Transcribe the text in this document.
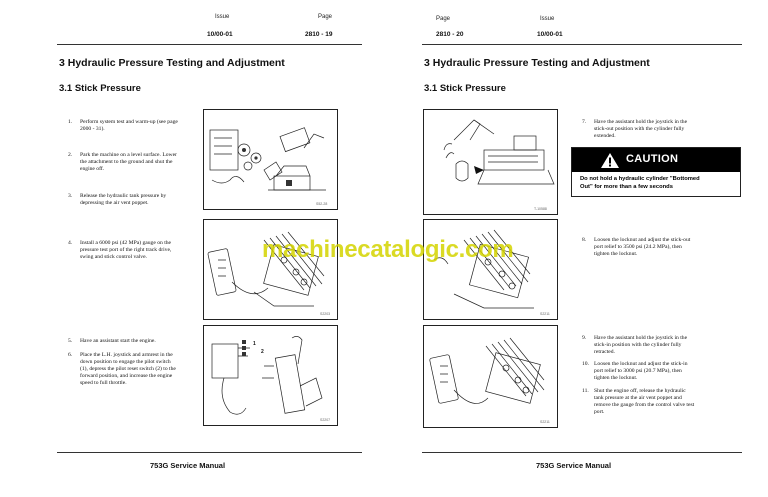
Issue
10/00-01
Page
2810 - 19
3 Hydraulic Pressure Testing and Adjustment
3.1 Stick Pressure
1. Perform system test and warm-up (see page
2000 - 31).
2. Park the machine on a level surface. Lower
the attachment to the ground and shut the
engine off.
3. Release the hydraulic tank pressure by
depressing the air vent poppet.
4. Install a 6000 psi (42 MPa) gauge on the
pressure test port of the right track drive,
swing and stick control valve.
5. Have an assistant start the engine.
6. Place the L.H. joystick and armrest in the
down position to engage the pilot switch
(1), depress the pilot reset switch (2) to the
forward position, and increase the engine
speed to full throttle.
S52-28
S2203
1
2
S2207
753G Service Manual
Page
2810 - 20
Issue
10/00-01
3 Hydraulic Pressure Testing and Adjustment
3.1 Stick Pressure
T-10588
7. Have the assistant hold the joystick in the
stick-out position with the cylinder fully
extended.
CAUTION
Do not hold a hydraulic cylinder "Bottomed
Out" for more than a few seconds
S2211
8. Loosen the locknut and adjust the stick-out
port relief to 3500 psi (24.2 MPa), then
tighten the locknut.
S2211
9. Have the assistant hold the joystick in the
stick-in position with the cylinder fully
retracted.
10. Loosen the locknut and adjust the stick-in
port relief to 3000 psi (20.7 MPa), then
tighten the locknut.
11. Shut the engine off, release the hydraulic
tank pressure at the air vent poppet and
remove the gauge from the control valve test
port.
753G Service Manual
machinecatalogic.com
